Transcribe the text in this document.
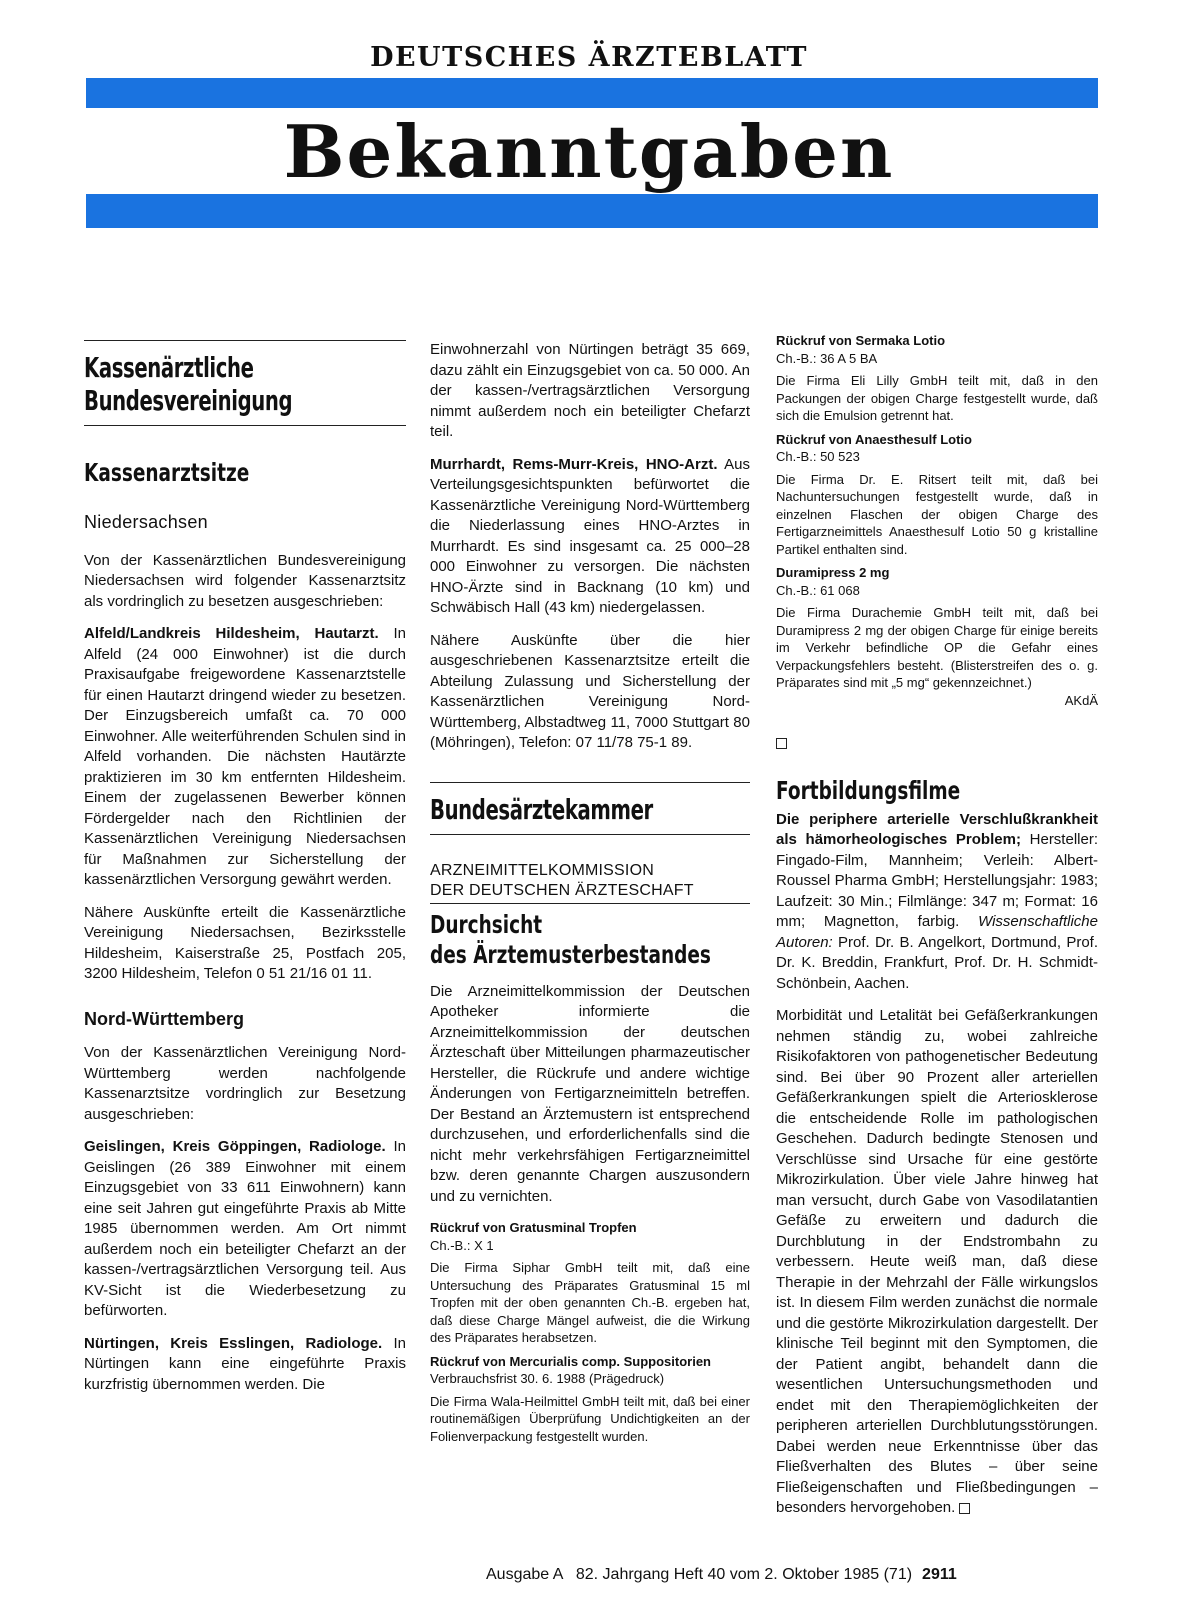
DEUTSCHES ÄRZTEBLATT
Bekanntgaben
Kassenärztliche
Bundesvereinigung
Kassenarztsitze
Niedersachsen

Von der Kassenärztlichen Bundesvereinigung Niedersachsen wird folgender Kassenarztsitz als vordringlich zu besetzen ausgeschrieben:

Alfeld/Landkreis Hildesheim, Hautarzt. In Alfeld (24 000 Einwohner) ist die durch Praxisaufgabe freigewordene Kassenarztstelle für einen Hautarzt dringend wieder zu besetzen. Der Einzugsbereich umfaßt ca. 70 000 Einwohner. Alle weiterführenden Schulen sind in Alfeld vorhanden. Die nächsten Hautärzte praktizieren im 30 km entfernten Hildesheim. Einem der zugelassenen Bewerber können Fördergelder nach den Richtlinien der Kassenärztlichen Vereinigung Niedersachsen für Maßnahmen zur Sicherstellung der kassenärztlichen Versorgung gewährt werden.

Nähere Auskünfte erteilt die Kassenärztliche Vereinigung Niedersachsen, Bezirksstelle Hildesheim, Kaiserstraße 25, Postfach 205, 3200 Hildesheim, Telefon 0 51 21/16 01 11.

Nord-Württemberg

Von der Kassenärztlichen Vereinigung Nord-Württemberg werden nachfolgende Kassenarztsitze vordringlich zur Besetzung ausgeschrieben:

Geislingen, Kreis Göppingen, Radiologe. In Geislingen (26 389 Einwohner mit einem Einzugsgebiet von 33 611 Einwohnern) kann eine seit Jahren gut eingeführte Praxis ab Mitte 1985 übernommen werden. Am Ort nimmt außerdem noch ein beteiligter Chefarzt an der kassen-/vertragsärztlichen Versorgung teil. Aus KV-Sicht ist die Wiederbesetzung zu befürworten.

Nürtingen, Kreis Esslingen, Radiologe. In Nürtingen kann eine eingeführte Praxis kurzfristig übernommen werden. Die

Einwohnerzahl von Nürtingen beträgt 35 669, dazu zählt ein Einzugsgebiet von ca. 50 000. An der kassen-/vertragsärztlichen Versorgung nimmt außerdem noch ein beteiligter Chefarzt teil.

Murrhardt, Rems-Murr-Kreis, HNO-Arzt. Aus Verteilungsgesichtspunkten befürwortet die Kassenärztliche Vereinigung Nord-Württemberg die Niederlassung eines HNO-Arztes in Murrhardt. Es sind insgesamt ca. 25 000–28 000 Einwohner zu versorgen. Die nächsten HNO-Ärzte sind in Backnang (10 km) und Schwäbisch Hall (43 km) niedergelassen.

Nähere Auskünfte über die hier ausgeschriebenen Kassenarztsitze erteilt die Abteilung Zulassung und Sicherstellung der Kassenärztlichen Vereinigung Nord-Württemberg, Albstadtweg 11, 7000 Stuttgart 80 (Möhringen), Telefon: 07 11/78 75-1 89.

Bundesärztekammer
ARZNEIMITTELKOMMISSION
DER DEUTSCHEN ÄRZTESCHAFT
Durchsicht
des Ärztemusterbestandes

Die Arzneimittelkommission der Deutschen Apotheker informierte die Arzneimittelkommission der deutschen Ärzteschaft über Mitteilungen pharmazeutischer Hersteller, die Rückrufe und andere wichtige Änderungen von Fertigarzneimitteln betreffen. Der Bestand an Ärztemustern ist entsprechend durchzusehen, und erforderlichenfalls sind die nicht mehr verkehrsfähigen Fertigarzneimittel bzw. deren genannte Chargen auszusondern und zu vernichten.

Rückruf von Gratusminal Tropfen
Ch.-B.: X 1

Die Firma Siphar GmbH teilt mit, daß eine Untersuchung des Präparates Gratusminal 15 ml Tropfen mit der oben genannten Ch.-B. ergeben hat, daß diese Charge Mängel aufweist, die die Wirkung des Präparates herabsetzen.

Rückruf von Mercurialis comp. Suppositorien
Verbrauchsfrist 30. 6. 1988 (Prägedruck)

Die Firma Wala-Heilmittel GmbH teilt mit, daß bei einer routinemäßigen Überprüfung Undichtigkeiten an der Folienverpackung festgestellt wurden.

Rückruf von Sermaka Lotio
Ch.-B.: 36 A 5 BA

Die Firma Eli Lilly GmbH teilt mit, daß in den Packungen der obigen Charge festgestellt wurde, daß sich die Emulsion getrennt hat.

Rückruf von Anaesthesulf Lotio
Ch.-B.: 50 523

Die Firma Dr. E. Ritsert teilt mit, daß bei Nachuntersuchungen festgestellt wurde, daß in einzelnen Flaschen der obigen Charge des Fertigarzneimittels Anaesthesulf Lotio 50 g kristalline Partikel enthalten sind.

Duramipress 2 mg
Ch.-B.: 61 068

Die Firma Durachemie GmbH teilt mit, daß bei Duramipress 2 mg der obigen Charge für einige bereits im Verkehr befindliche OP die Gefahr eines Verpackungsfehlers besteht. (Blisterstreifen des o. g. Präparates sind mit „5 mg“ gekennzeichnet.)

AKdÄ
Fortbildungsfilme

Die periphere arterielle Verschlußkrankheit als hämorheologisches Problem; Hersteller: Fingado-Film, Mannheim; Verleih: Albert-Roussel Pharma GmbH; Herstellungsjahr: 1983; Laufzeit: 30 Min.; Filmlänge: 347 m; Format: 16 mm; Magnetton, farbig. Wissenschaftliche Autoren: Prof. Dr. B. Angelkort, Dortmund, Prof. Dr. K. Breddin, Frankfurt, Prof. Dr. H. Schmidt-Schönbein, Aachen.

Morbidität und Letalität bei Gefäßerkrankungen nehmen ständig zu, wobei zahlreiche Risikofaktoren von pathogenetischer Bedeutung sind. Bei über 90 Prozent aller arteriellen Gefäßerkrankungen spielt die Arteriosklerose die entscheidende Rolle im pathologischen Geschehen. Dadurch bedingte Stenosen und Verschlüsse sind Ursache für eine gestörte Mikrozirkulation. Über viele Jahre hinweg hat man versucht, durch Gabe von Vasodilatantien Gefäße zu erweitern und dadurch die Durchblutung in der Endstrombahn zu verbessern. Heute weiß man, daß diese Therapie in der Mehrzahl der Fälle wirkungslos ist. In diesem Film werden zunächst die normale und die gestörte Mikrozirkulation dargestellt. Der klinische Teil beginnt mit den Symptomen, die der Patient angibt, behandelt dann die wesentlichen Untersuchungsmethoden und endet mit den Therapiemöglichkeiten der peripheren arteriellen Durchblutungsstörungen. Dabei werden neue Erkenntnisse über das Fließverhalten des Blutes – über seine Fließeigenschaften und Fließbedingungen – besonders hervorgehoben.

Ausgabe A   82. Jahrgang Heft 40 vom 2. Oktober 1985 (71) 2911
